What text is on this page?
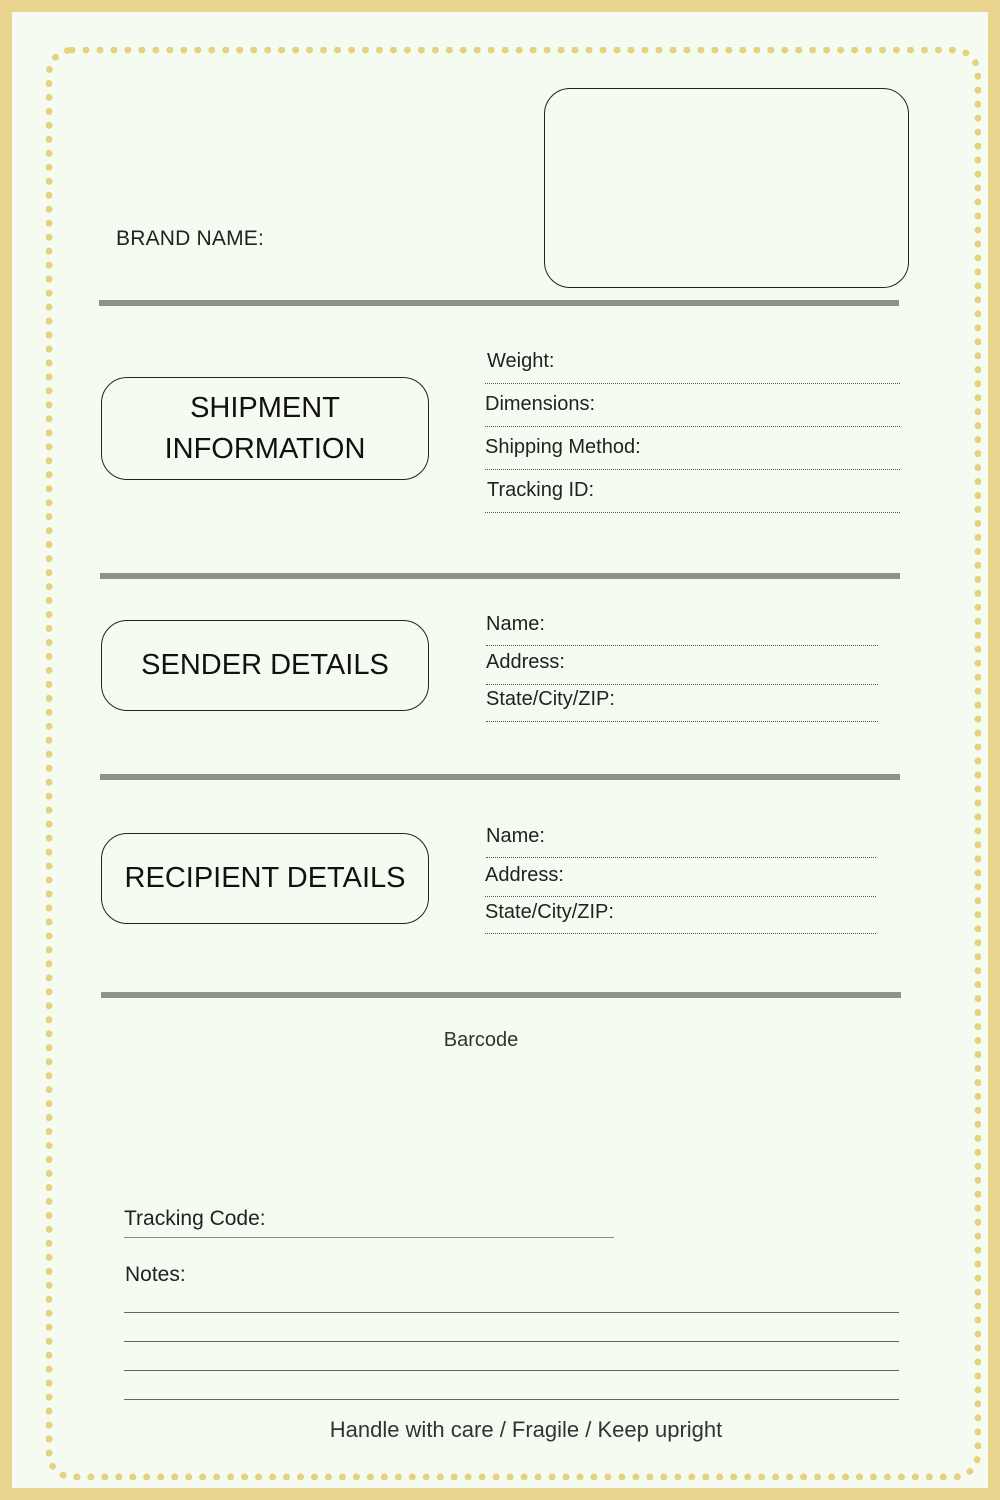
BRAND NAME:
SHIPMENT
INFORMATION
Weight:
Dimensions:
Shipping Method:
Tracking ID:
SENDER DETAILS
Name:
Address:
State/City/ZIP:
RECIPIENT DETAILS
Name:
Address:
State/City/ZIP:
Barcode
Tracking Code:
Notes:
Handle with care / Fragile / Keep upright
